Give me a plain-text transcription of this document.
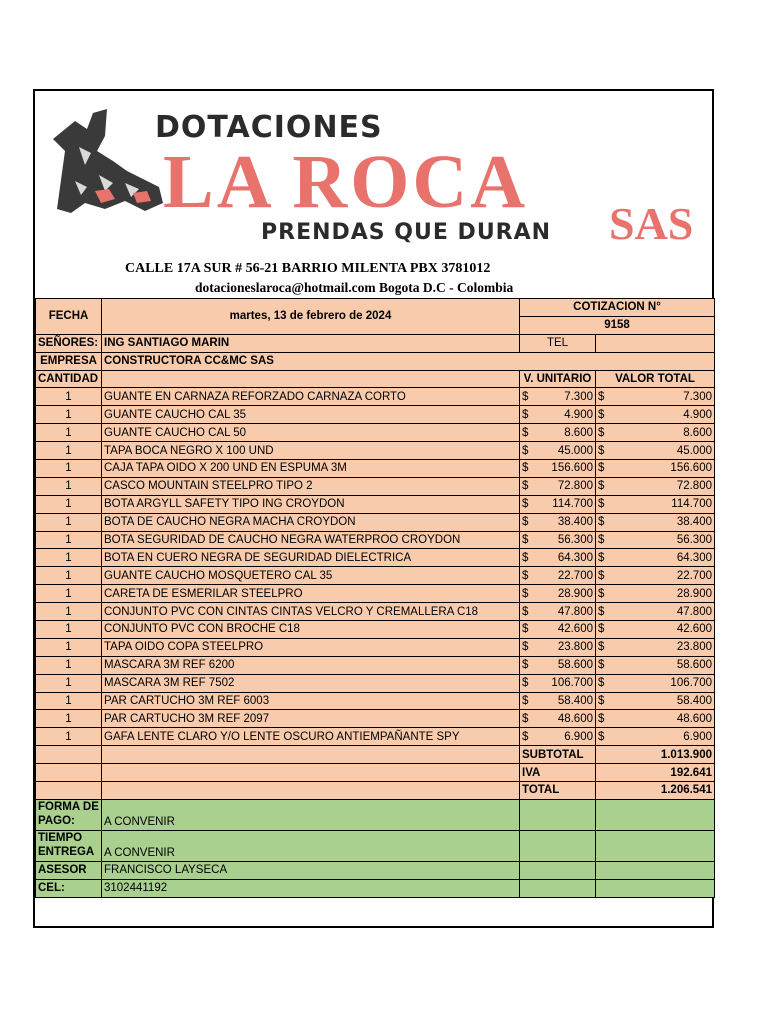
DOTACIONES
LA ROCA
PRENDAS QUE DURAN SAS
CALLE 17A SUR # 56-21 BARRIO MILENTA PBX 3781012
dotacioneslaroca@hotmail.com Bogota D.C - Colombia
FECHA	martes, 13 de febrero de 2024	COTIZACION N°	
		9158	
SEÑORES:	ING SANTIAGO MARIN	TEL	
EMPRESA	CONSTRUCTORA CC&MC SAS		
CANTIDAD		V. UNITARIO	VALOR TOTAL
1	GUANTE EN CARNAZA REFORZADO CARNAZA CORTO	$ 7.300	$ 7.300

1	GUANTE CAUCHO CAL 35	$ 4.900	$ 4.900

1	GUANTE CAUCHO CAL 50	$ 8.600	$ 8.600

1	TAPA BOCA NEGRO X 100 UND	$ 45.000	$ 45.000

1	CAJA TAPA OIDO X 200 UND EN ESPUMA 3M	$ 156.600	$ 156.600

1	CASCO MOUNTAIN STEELPRO TIPO 2	$ 72.800	$ 72.800

1	BOTA ARGYLL SAFETY TIPO ING CROYDON	$ 114.700	$ 114.700

1	BOTA DE CAUCHO NEGRA MACHA CROYDON	$ 38.400	$ 38.400

1	BOTA SEGURIDAD DE CAUCHO NEGRA WATERPROO CROYDON	$ 56.300	$ 56.300

1	BOTA EN CUERO NEGRA DE SEGURIDAD DIELECTRICA	$ 64.300	$ 64.300

1	GUANTE CAUCHO MOSQUETERO CAL 35	$ 22.700	$ 22.700

1	CARETA DE ESMERILAR STEELPRO	$ 28.900	$ 28.900

1	CONJUNTO PVC CON CINTAS CINTAS VELCRO Y CREMALLERA C18	$ 47.800	$ 47.800

1	CONJUNTO PVC CON BROCHE C18	$ 42.600	$ 42.600

1	TAPA OIDO COPA STEELPRO	$ 23.800	$ 23.800

1	MASCARA 3M REF 6200	$ 58.600	$ 58.600

1	MASCARA 3M REF 7502	$ 106.700	$ 106.700

1	PAR CARTUCHO 3M REF 6003	$ 58.400	$ 58.400

1	PAR CARTUCHO 3M REF 2097	$ 48.600	$ 48.600

1	GAFA LENTE CLARO Y/O LENTE OSCURO ANTIEMPAÑANTE SPY	$ 6.900	$ 6.900

		SUBTOTAL	1.013.900
		IVA	192.641
		TOTAL	1.206.541
FORMA DE PAGO:	A CONVENIR		
TIEMPO ENTREGA	A CONVENIR		
ASESOR	FRANCISCO LAYSECA		
CEL:	3102441192		
